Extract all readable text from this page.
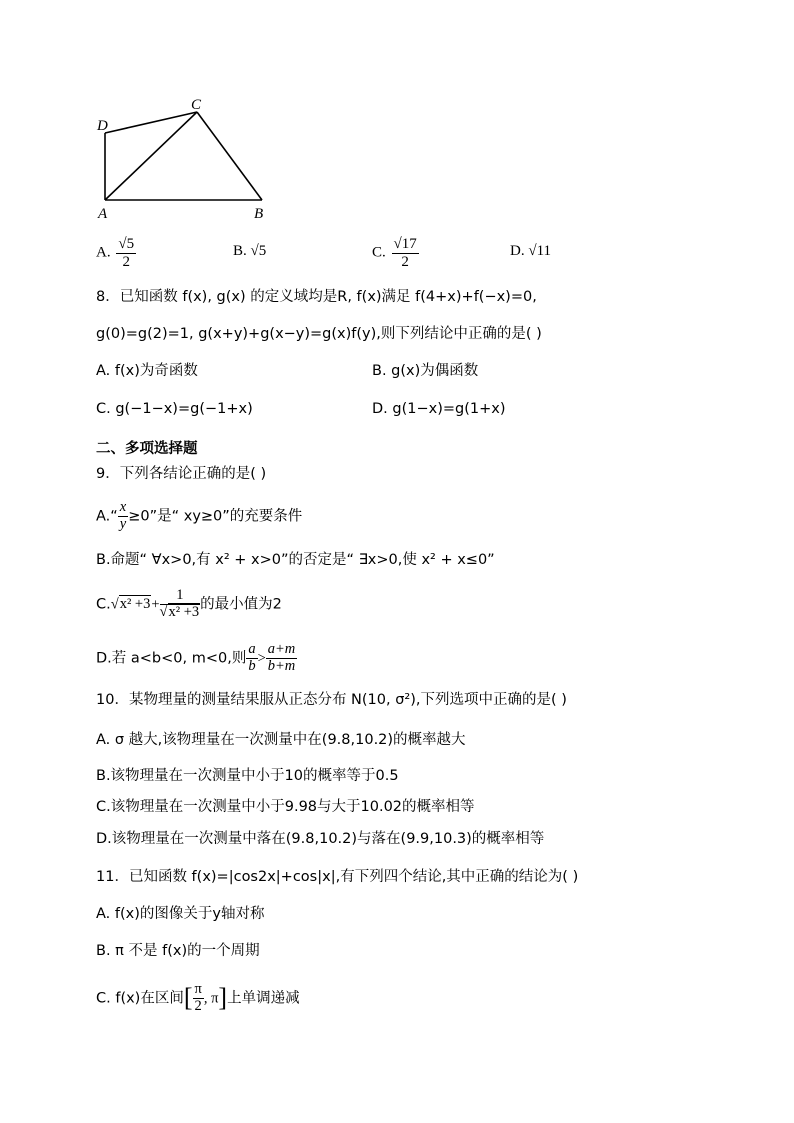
D
C
A	B
A. $\frac{√5}{2}$	B. √5	C. $\frac{√17}{2}$	D. √11
8．已知函数 f(x), g(x) 的定义域均是R, f(x)满足 f(4+x)+f(−x)=0,
g(0)=g(2)=1, g(x+y)+g(x−y)=g(x)f(y),则下列结论中正确的是( )
A. f(x)为奇函数	B. g(x)为偶函数
C. g(−1−x)=g(−1+x)	D. g(1−x)=g(1+x)
二、多项选择题
9．下列各结论正确的是( )
A.“ $\frac{x}{y} \ge 0$”是“ xy≥0”的充要条件
B.命题“ ∀x>0,有 x² + x>0”的否定是“ ∃x>0,使 x² + x≤0”
$C.√x^2 +3+ \frac{1}{\text{√x² +3}}$ 的最小值为2
D.若 a<b<0, m<0,则 $\frac{a}{b} > \frac{a+m}{b+m}$
10．某物理量的测量结果服从正态分布 N(10, σ²),下列选项中正确的是( )
A. σ 越大,该物理量在一次测量中在(9.8,10.2)的概率越大
B.该物理量在一次测量中小于10的概率等于0.5
C.该物理量在一次测量中小于9.98与大于10.02的概率相等
D.该物理量在一次测量中落在(9.8,10.2)与落在(9.9,10.3)的概率相等
11．已知函数 f(x)=|cos2x|+cos|x|,有下列四个结论,其中正确的结论为( )
A. f(x)的图像关于y轴对称
B. π 不是 f(x)的一个周期
C. f(x)在区间[ $\frac{\pi}{2}$ , π]上单调递减
